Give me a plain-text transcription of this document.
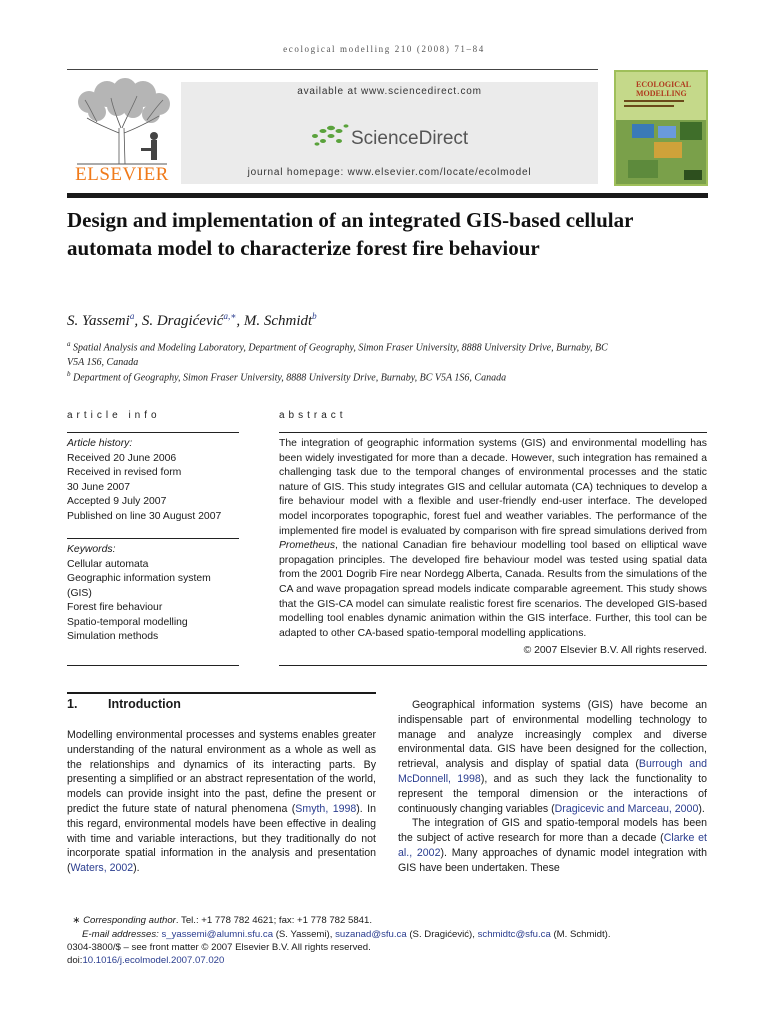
ecological modelling 210 (2008) 71–84
ELSEVIER
available at www.sciencedirect.com
ScienceDirect
journal homepage: www.elsevier.com/locate/ecolmodel
ECOLOGICAL MODELLING
Design and implementation of an integrated GIS-based cellular automata model to characterize forest fire behaviour
S. Yassemi$^a$, S. Dragićević$^{a,∗}$, M. Schmidt$^b$
$^a$ Spatial Analysis and Modeling Laboratory, Department of Geography, Simon Fraser University, 8888 University Drive, Burnaby, BC V5A 1S6, Canada
$^b$ Department of Geography, Simon Fraser University, 8888 University Drive, Burnaby, BC V5A 1S6, Canada
article info
Article history:
Received 20 June 2006
Received in revised form
30 June 2007
Accepted 9 July 2007
Published on line 30 August 2007
Keywords:
Cellular automata
Geographic information system
(GIS)
Forest fire behaviour
Spatio-temporal modelling
Simulation methods
abstract
The integration of geographic information systems (GIS) and environmental modelling has been widely investigated for more than a decade. However, such integration has remained a challenging task due to the temporal changes of environmental processes and the static nature of GIS. This study integrates GIS and cellular automata (CA) techniques to develop a fire behaviour model with a flexible and user-friendly end-user interface. The developed model incorporates topographic, forest fuel and weather variables. The performance of the implemented fire model is evaluated by comparison with fire spread simulations derived from Prometheus, the national Canadian fire behaviour modelling tool based on elliptical wave propagation principles. The developed fire behaviour model was tested using spatial data from the 2001 Dogrib Fire near Nordegg Alberta, Canada. Results from the simulations of the CA and wave propagation spread models indicate comparable agreement. This study shows that the GIS-CA model can simulate realistic forest fire scenarios. The developed GIS-based modelling tool enables dynamic animation within the GIS interface. Further, this tool can be adapted to other CA-based spatio-temporal modelling applications.
© 2007 Elsevier B.V. All rights reserved.
1. Introduction
Modelling environmental processes and systems enables greater understanding of the natural environment as a whole as well as the relationships and dynamics of its interacting parts. By presenting a simplified or an abstract representation of the world, models can provide insight into the past, define the present or predict the future state of natural phenomena (Smyth, 1998). In this regard, environmental models have been effective in dealing with time and variable interactions, but they traditionally do not incorporate spatial information in the analysis and presentation (Waters, 2002).

Geographical information systems (GIS) have become an indispensable part of environmental modelling technology to manage and analyze increasingly complex and diverse environmental data. GIS have been designed for the collection, retrieval, analysis and display of spatial data (Burrough and McDonnell, 1998), and as such they lack the functionality to represent the temporal dimension or the interactions of continuously changing variables (Dragicevic and Marceau, 2000).

The integration of GIS and spatio-temporal models has been the subject of active research for more than a decade (Clarke et al., 2002). Many approaches of dynamic model integration with GIS have been undertaken. These

∗ Corresponding author. Tel.: +1 778 782 4621; fax: +1 778 782 5841.
E-mail addresses: s_yassemi@alumni.sfu.ca (S. Yassemi), suzanad@sfu.ca (S. Dragićević), schmidtc@sfu.ca (M. Schmidt).
0304-3800/$ – see front matter © 2007 Elsevier B.V. All rights reserved.
doi:10.1016/j.ecolmodel.2007.07.020
